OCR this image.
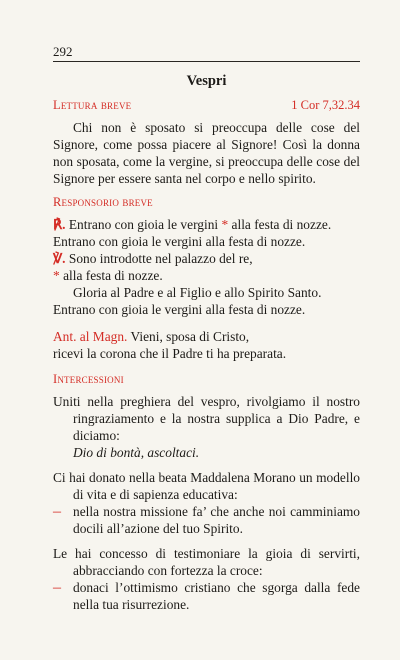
292
Vespri
Lettura breve	1 Cor 7,32.34

Chi non è sposato si preoccupa delle cose del Signore, come possa piacere al Signore! Così la donna non sposata, come la vergine, si preoccupa delle cose del Signore per essere santa nel corpo e nello spirito.

Responsorio breve

℟. Entrano con gioia le vergini * alla festa di nozze.

Entrano con gioia le vergini alla festa di nozze.

℣. Sono introdotte nel palazzo del re,

* alla festa di nozze.

Gloria al Padre e al Figlio e allo Spirito Santo.

Entrano con gioia le vergini alla festa di nozze.

Ant. al Magn. Vieni, sposa di Cristo,

ricevi la corona che il Padre ti ha preparata.

Intercessioni

Uniti nella preghiera del vespro, rivolgiamo il nostro ringraziamento e la nostra supplica a Dio Padre, e diciamo:

Dio di bontà, ascoltaci.

Ci hai donato nella beata Maddalena Morano un modello di vita e di sapienza educativa:

– nella nostra missione fa’ che anche noi camminiamo docili all’azione del tuo Spirito.

Le hai concesso di testimoniare la gioia di servirti, abbracciando con fortezza la croce:

– donaci l’ottimismo cristiano che sgorga dalla fede nella tua risurrezione.
